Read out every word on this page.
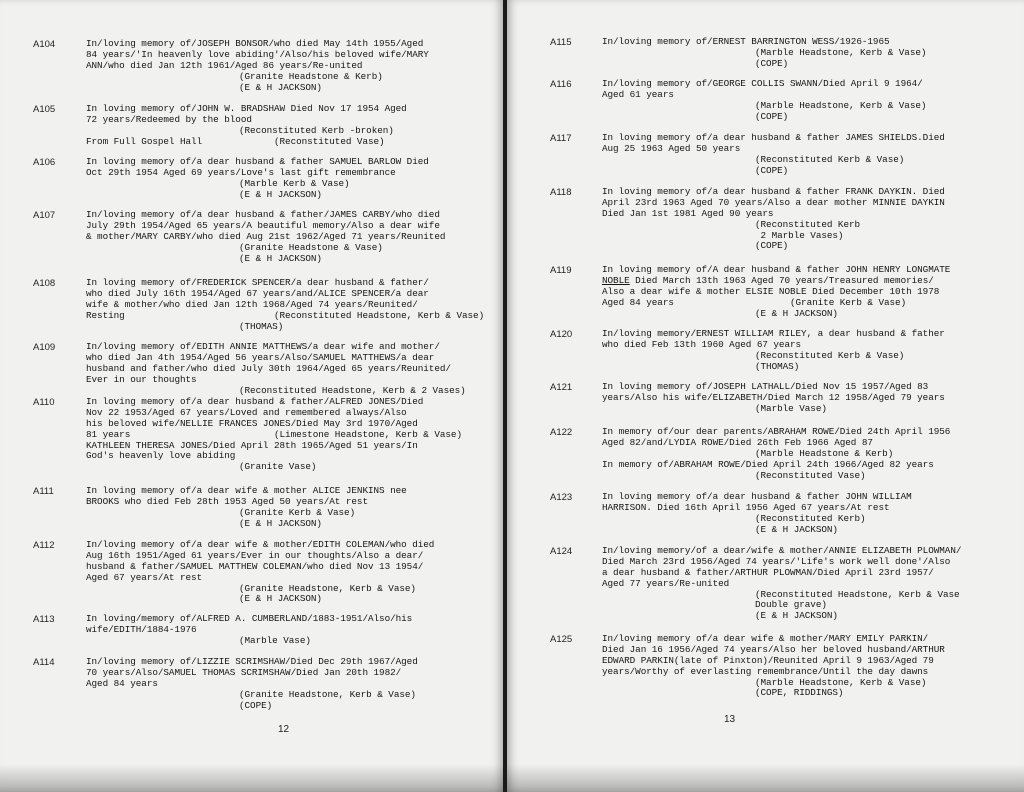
A104	In/loving memory of/JOSEPH BONSOR/who died May 14th 1955/Aged
84 years/'In heavenly love abiding'/Also/his beloved wife/MARY
ANN/who died Jan 12th 1961/Aged 86 years/Re-united
(Granite Headstone & Kerb)
(E & H JACKSON)
A105	In loving memory of/JOHN W. BRADSHAW Died Nov 17 1954 Aged
72 years/Redeemed by the blood
(Reconstituted Kerb -broken)
From Full Gospel Hall             (Reconstituted Vase)
A106	In loving memory of/a dear husband & father SAMUEL BARLOW Died
Oct 29th 1954 Aged 69 years/Love's last gift remembrance
(Marble Kerb & Vase)
(E & H JACKSON)
A107	In/loving memory of/a dear husband & father/JAMES CARBY/who died
July 29th 1954/Aged 65 years/A beautiful memory/Also a dear wife
& mother/MARY CARBY/who died Aug 21st 1962/Aged 71 years/Reunited
(Granite Headstone & Vase)
(E & H JACKSON)
A108	In loving memory of/FREDERICK SPENCER/a dear husband & father/
who died July 16th 1954/Aged 67 years/and/ALICE SPENCER/a dear
wife & mother/who died Jan 12th 1968/Aged 74 years/Reunited/
Resting                           (Reconstituted Headstone, Kerb & Vase)
(THOMAS)
A109	In/loving memory of/EDITH ANNIE MATTHEWS/a dear wife and mother/
who died Jan 4th 1954/Aged 56 years/Also/SAMUEL MATTHEWS/a dear
husband and father/who died July 30th 1964/Aged 65 years/Reunited/
Ever in our thoughts
(Reconstituted Headstone, Kerb & 2 Vases)
A110	In loving memory of/a dear husband & father/ALFRED JONES/Died
Nov 22 1953/Aged 67 years/Loved and remembered always/Also
his beloved wife/NELLIE FRANCES JONES/Died May 3rd 1970/Aged
81 years                          (Limestone Headstone, Kerb & Vase)
KATHLEEN THERESA JONES/Died April 28th 1965/Aged 51 years/In
God's heavenly love abiding
(Granite Vase)
A111	In loving memory of/a dear wife & mother ALICE JENKINS nee
BROOKS who died Feb 28th 1953 Aged 50 years/At rest
(Granite Kerb & Vase)
(E & H JACKSON)
A112	In/loving memory of/a dear wife & mother/EDITH COLEMAN/who died
Aug 16th 1951/Aged 61 years/Ever in our thoughts/Also a dear/
husband & father/SAMUEL MATTHEW COLEMAN/who died Nov 13 1954/
Aged 67 years/At rest
(Granite Headstone, Kerb & Vase)
(E & H JACKSON)
A113	In loving/memory of/ALFRED A. CUMBERLAND/1883-1951/Also/his
wife/EDITH/1884-1976
(Marble Vase)
A114	In/loving memory of/LIZZIE SCRIMSHAW/Died Dec 29th 1967/Aged
70 years/Also/SAMUEL THOMAS SCRIMSHAW/Died Jan 20th 1982/
Aged 84 years
(Granite Headstone, Kerb & Vase)
(COPE)
12
A115	In/loving memory of/ERNEST BARRINGTON WESS/1926-1965
(Marble Headstone, Kerb & Vase)
(COPE)
A116	In/loving memory of/GEORGE COLLIS SWANN/Died April 9 1964/
Aged 61 years
(Marble Headstone, Kerb & Vase)
(COPE)
A117	In loving memory of/a dear husband & father JAMES SHIELDS.Died
Aug 25 1963 Aged 50 years
(Reconstituted Kerb & Vase)
(COPE)
A118	In loving memory of/a dear husband & father FRANK DAYKIN. Died
April 23rd 1963 Aged 70 years/Also a dear mother MINNIE DAYKIN
Died Jan 1st 1981 Aged 90 years
(Reconstituted Kerb
2 Marble Vases)
(COPE)
A119	In loving memory of/A dear husband & father JOHN HENRY LONGMATE
NOBLE Died March 13th 1963 Aged 70 years/Treasured memories/
Also a dear wife & mother ELSIE NOBLE Died December 10th 1978
Aged 84 years                     (Granite Kerb & Vase)
(E & H JACKSON)
A120	In/loving memory/ERNEST WILLIAM RILEY, a dear husband & father
who died Feb 13th 1960 Aged 67 years
(Reconstituted Kerb & Vase)
(THOMAS)
A121	In loving memory of/JOSEPH LATHALL/Died Nov 15 1957/Aged 83
years/Also his wife/ELIZABETH/Died March 12 1958/Aged 79 years
(Marble Vase)
A122	In memory of/our dear parents/ABRAHAM ROWE/Died 24th April 1956
Aged 82/and/LYDIA ROWE/Died 26th Feb 1966 Aged 87
(Marble Headstone & Kerb)
In memory of/ABRAHAM ROWE/Died April 24th 1966/Aged 82 years
(Reconstituted Vase)
A123	In loving memory of/a dear husband & father JOHN WILLIAM
HARRISON. Died 16th April 1956 Aged 67 years/At rest
(Reconstituted Kerb)
(E & H JACKSON)
A124	In/loving memory/of a dear/wife & mother/ANNIE ELIZABETH PLOWMAN/
Died March 23rd 1956/Aged 74 years/'Life's work well done'/Also
a dear husband & father/ARTHUR PLOWMAN/Died April 23rd 1957/
Aged 77 years/Re-united
(Reconstituted Headstone, Kerb & Vase
Double grave)
(E & H JACKSON)
A125	In/loving memory of/a dear wife & mother/MARY EMILY PARKIN/
Died Jan 16 1956/Aged 74 years/Also her beloved husband/ARTHUR
EDWARD PARKIN(late of Pinxton)/Reunited April 9 1963/Aged 79
years/Worthy of everlasting remembrance/Until the day dawns
(Marble Headstone, Kerb & Vase)
(COPE, RIDDINGS)
13
